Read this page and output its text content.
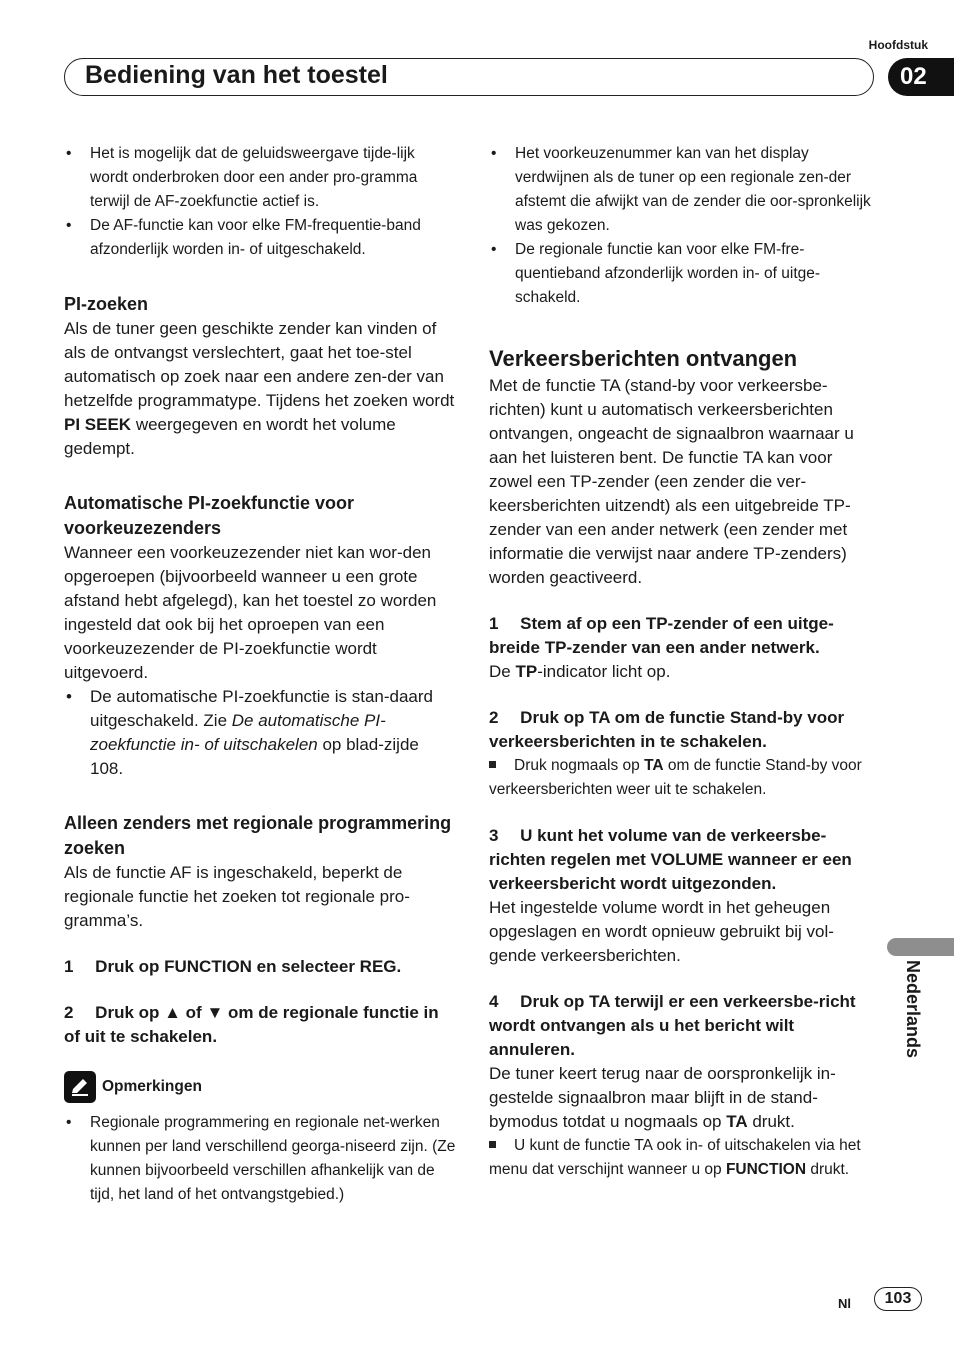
Hoofdstuk
Bediening van het toestel	02
• Het is mogelijk dat de geluidsweergave tijde-lijk wordt onderbroken door een ander pro-gramma terwijl de AF-zoekfunctie actief is.
• De AF-functie kan voor elke FM-frequentie-band afzonderlijk worden in- of uitgeschakeld.
PI-zoeken

Als de tuner geen geschikte zender kan vinden of als de ontvangst verslechtert, gaat het toe-stel automatisch op zoek naar een andere zen-der van hetzelfde programmatype. Tijdens het zoeken wordt PI SEEK weergegeven en wordt het volume gedempt.

Automatische PI-zoekfunctie voor voorkeuzezenders

Wanneer een voorkeuzezender niet kan wor-den opgeroepen (bijvoorbeeld wanneer u een grote afstand hebt afgelegd), kan het toestel zo worden ingesteld dat ook bij het oproepen van een voorkeuzezender de PI-zoekfunctie wordt uitgevoerd.

• De automatische PI-zoekfunctie is stan-daard uitgeschakeld. Zie De automatische PI-zoekfunctie in- of uitschakelen op blad-zijde 108.
Alleen zenders met regionale programmering zoeken

Als de functie AF is ingeschakeld, beperkt de regionale functie het zoeken tot regionale pro-gramma’s.

1  Druk op FUNCTION en selecteer REG.

2  Druk op ▲ of ▼ om de regionale functie in of uit te schakelen.

Opmerkingen
• Regionale programmering en regionale net-werken kunnen per land verschillend georga-niseerd zijn. (Ze kunnen bijvoorbeeld verschillen afhankelijk van de tijd, het land of het ontvangstgebied.)
• Het voorkeuzenummer kan van het display verdwijnen als de tuner op een regionale zen-der afstemt die afwijkt van de zender die oor-spronkelijk was gekozen.
• De regionale functie kan voor elke FM-fre-quentieband afzonderlijk worden in- of uitge-schakeld.
Verkeersberichten ontvangen

Met de functie TA (stand-by voor verkeersbe-richten) kunt u automatisch verkeersberichten ontvangen, ongeacht de signaalbron waarnaar u aan het luisteren bent. De functie TA kan voor zowel een TP-zender (een zender die ver-keersberichten uitzendt) als een uitgebreide TP-zender van een ander netwerk (een zender met informatie die verwijst naar andere TP-zenders) worden geactiveerd.

1  Stem af op een TP-zender of een uitge-breide TP-zender van een ander netwerk.

De TP-indicator licht op.

2  Druk op TA om de functie Stand-by voor verkeersberichten in te schakelen.

Druk nogmaals op TA om de functie Stand-by voor verkeersberichten weer uit te schakelen.

3  U kunt het volume van de verkeersbe-richten regelen met VOLUME wanneer er een verkeersbericht wordt uitgezonden.

Het ingestelde volume wordt in het geheugen opgeslagen en wordt opnieuw gebruikt bij vol-gende verkeersberichten.

4  Druk op TA terwijl er een verkeersbe-richt wordt ontvangen als u het bericht wilt annuleren.

De tuner keert terug naar de oorspronkelijk in-gestelde signaalbron maar blijft in de stand-bymodus totdat u nogmaals op TA drukt.

U kunt de functie TA ook in- of uitschakelen via het menu dat verschijnt wanneer u op FUNCTION drukt.

Nederlands
Nl	103
